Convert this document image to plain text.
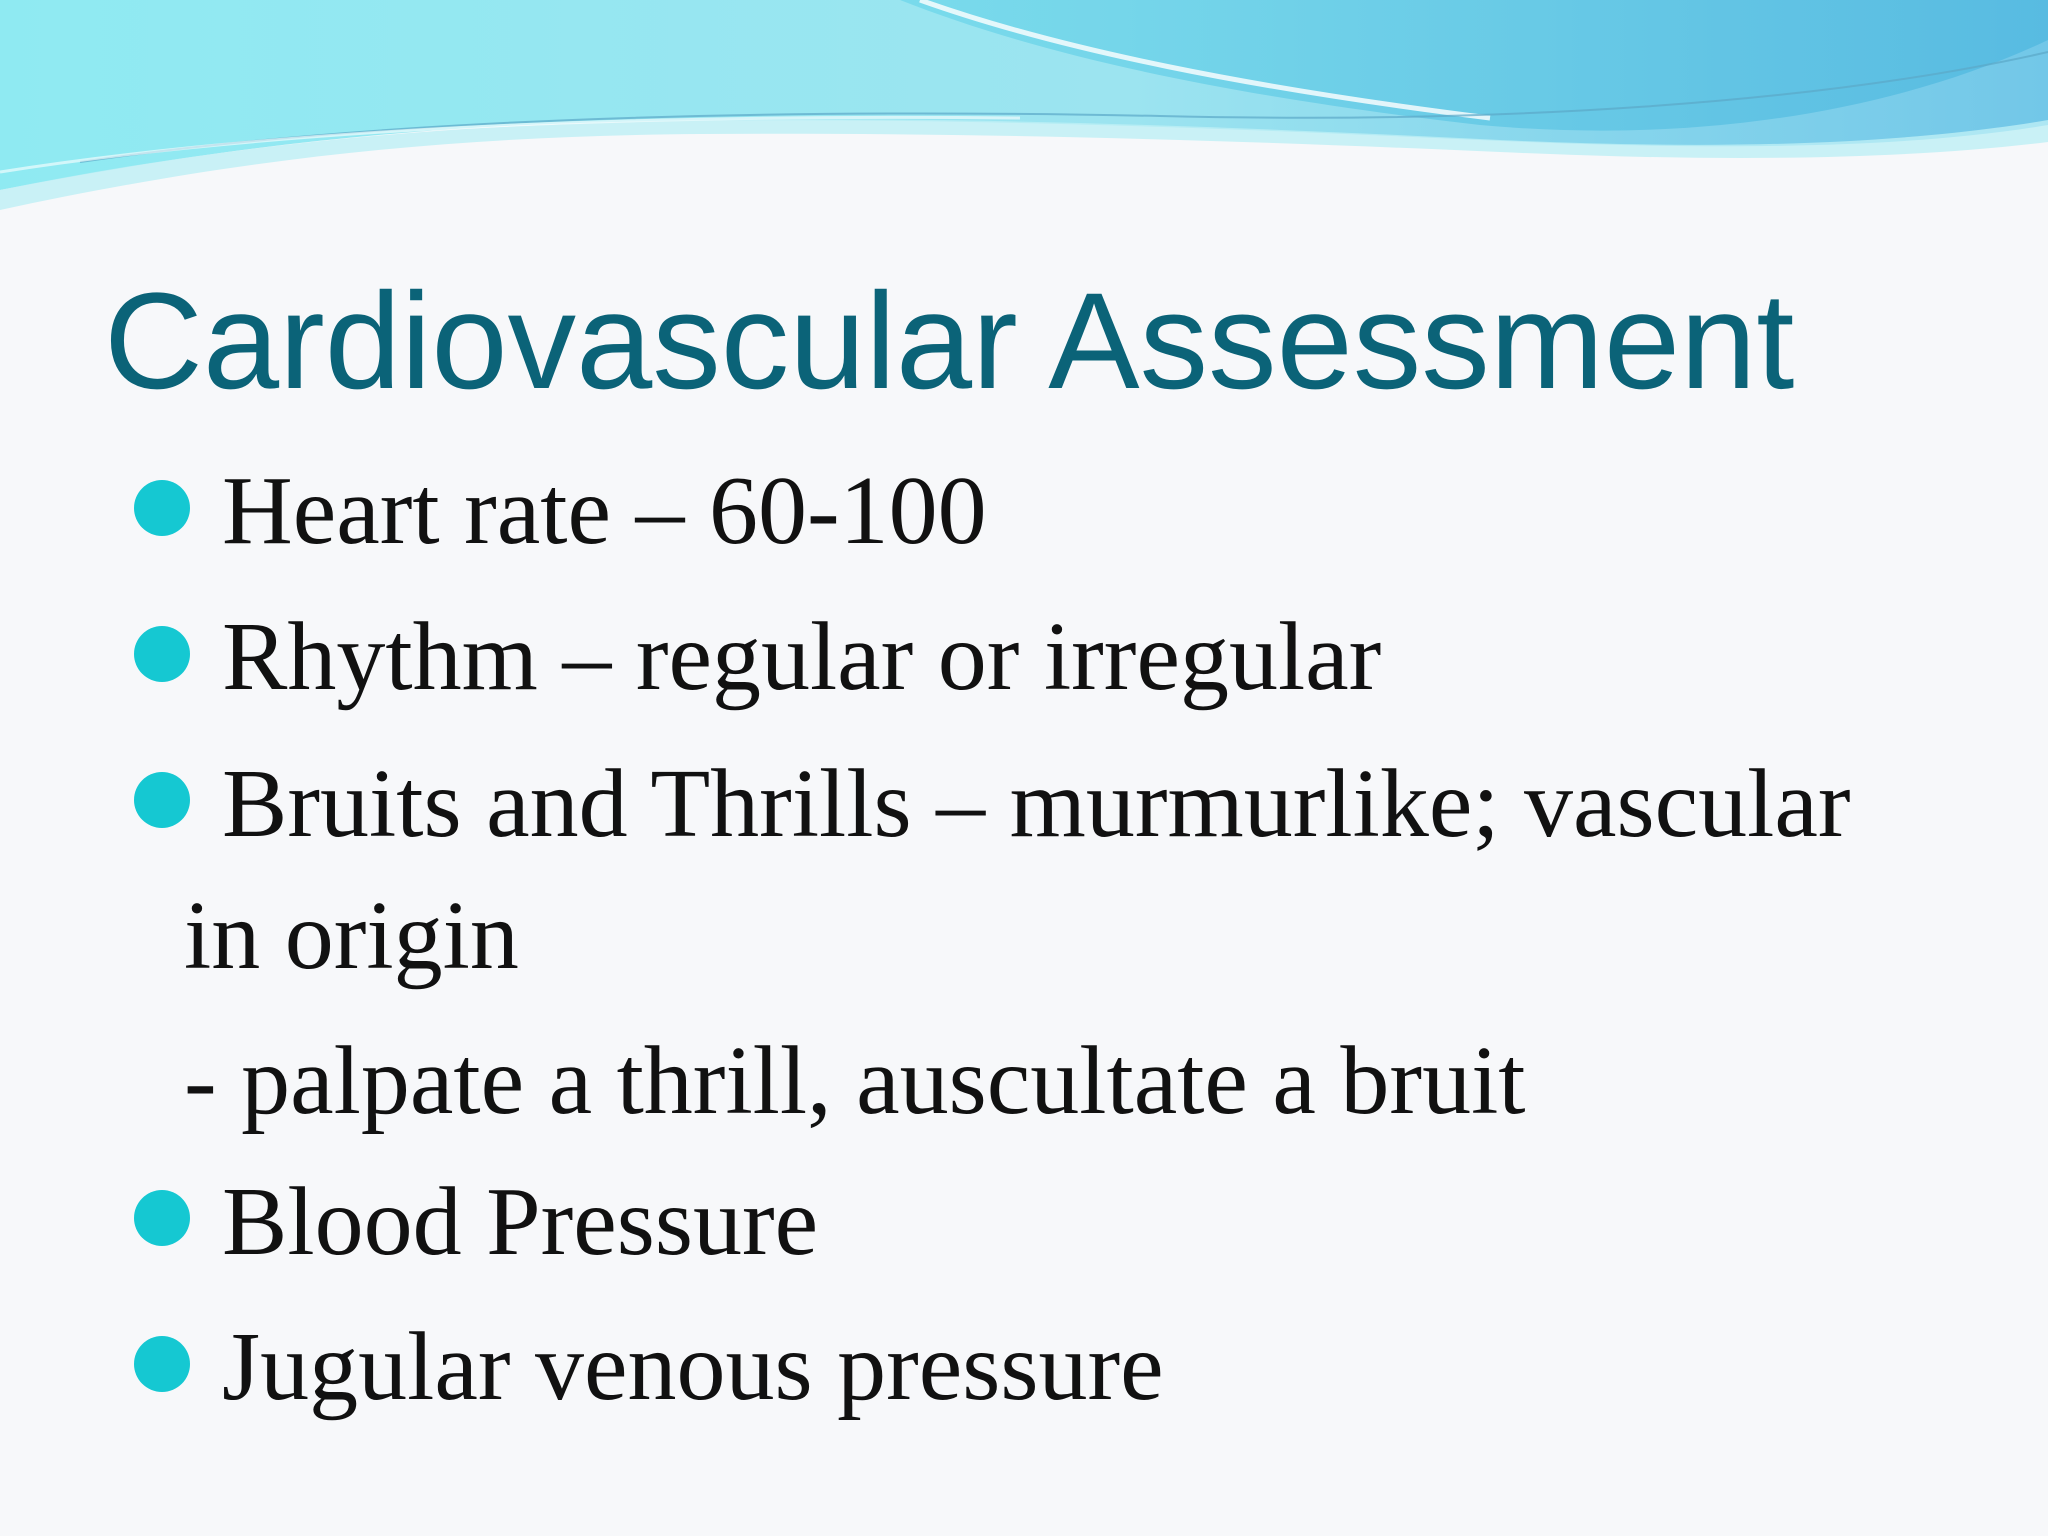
Cardiovascular Assessment
Heart rate – 60-100
Rhythm – regular or irregular
Bruits and Thrills – murmurlike; vascular
in origin
- palpate a thrill, auscultate a bruit
Blood Pressure
Jugular venous pressure
